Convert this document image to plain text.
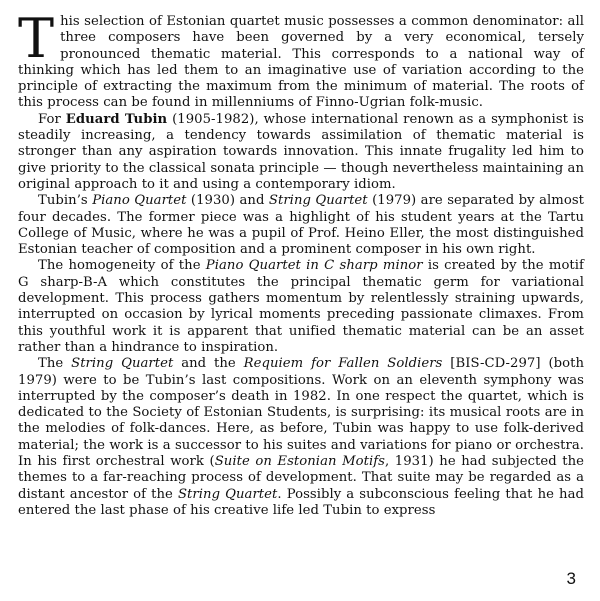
This selection of Estonian quartet music possesses a common denominator: all three composers have been governed by a very economical, tersely pronounced thematic material. This corresponds to a national way of thinking which has led them to an imaginative use of variation according to the principle of extracting the maximum from the minimum of material. The roots of this process can be found in millenniums of Finno-Ugrian folk-music.

For Eduard Tubin (1905-1982), whose international renown as a symphonist is steadily increasing, a tendency towards assimilation of thematic material is stronger than any aspiration towards innovation. This innate frugality led him to give priority to the classical sonata principle — though nevertheless maintaining an original approach to it and using a contemporary idiom.

Tubin’s Piano Quartet (1930) and String Quartet (1979) are separated by almost four decades. The former piece was a highlight of his student years at the Tartu College of Music, where he was a pupil of Prof. Heino Eller, the most distinguished Estonian teacher of composition and a prominent composer in his own right.

The homogeneity of the Piano Quartet in C sharp minor is created by the motif G sharp-B-A which constitutes the principal thematic germ for variational development. This process gathers momentum by relentlessly straining upwards, interrupted on occasion by lyrical moments preceding passionate climaxes. From this youthful work it is apparent that unified thematic material can be an asset rather than a hindrance to inspiration.

The String Quartet and the Requiem for Fallen Soldiers [BIS-CD-297] (both 1979) were to be Tubin’s last compositions. Work on an eleventh symphony was interrupted by the composer’s death in 1982. In one respect the quartet, which is dedicated to the Society of Estonian Students, is surprising: its musical roots are in the melodies of folk-dances. Here, as before, Tubin was happy to use folk-derived material; the work is a successor to his suites and variations for piano or orchestra. In his first orchestral work (Suite on Estonian Motifs, 1931) he had subjected the themes to a far-reaching process of development. That suite may be regarded as a distant ancestor of the String Quartet. Possibly a subconscious feeling that he had entered the last phase of his creative life led Tubin to express

3
